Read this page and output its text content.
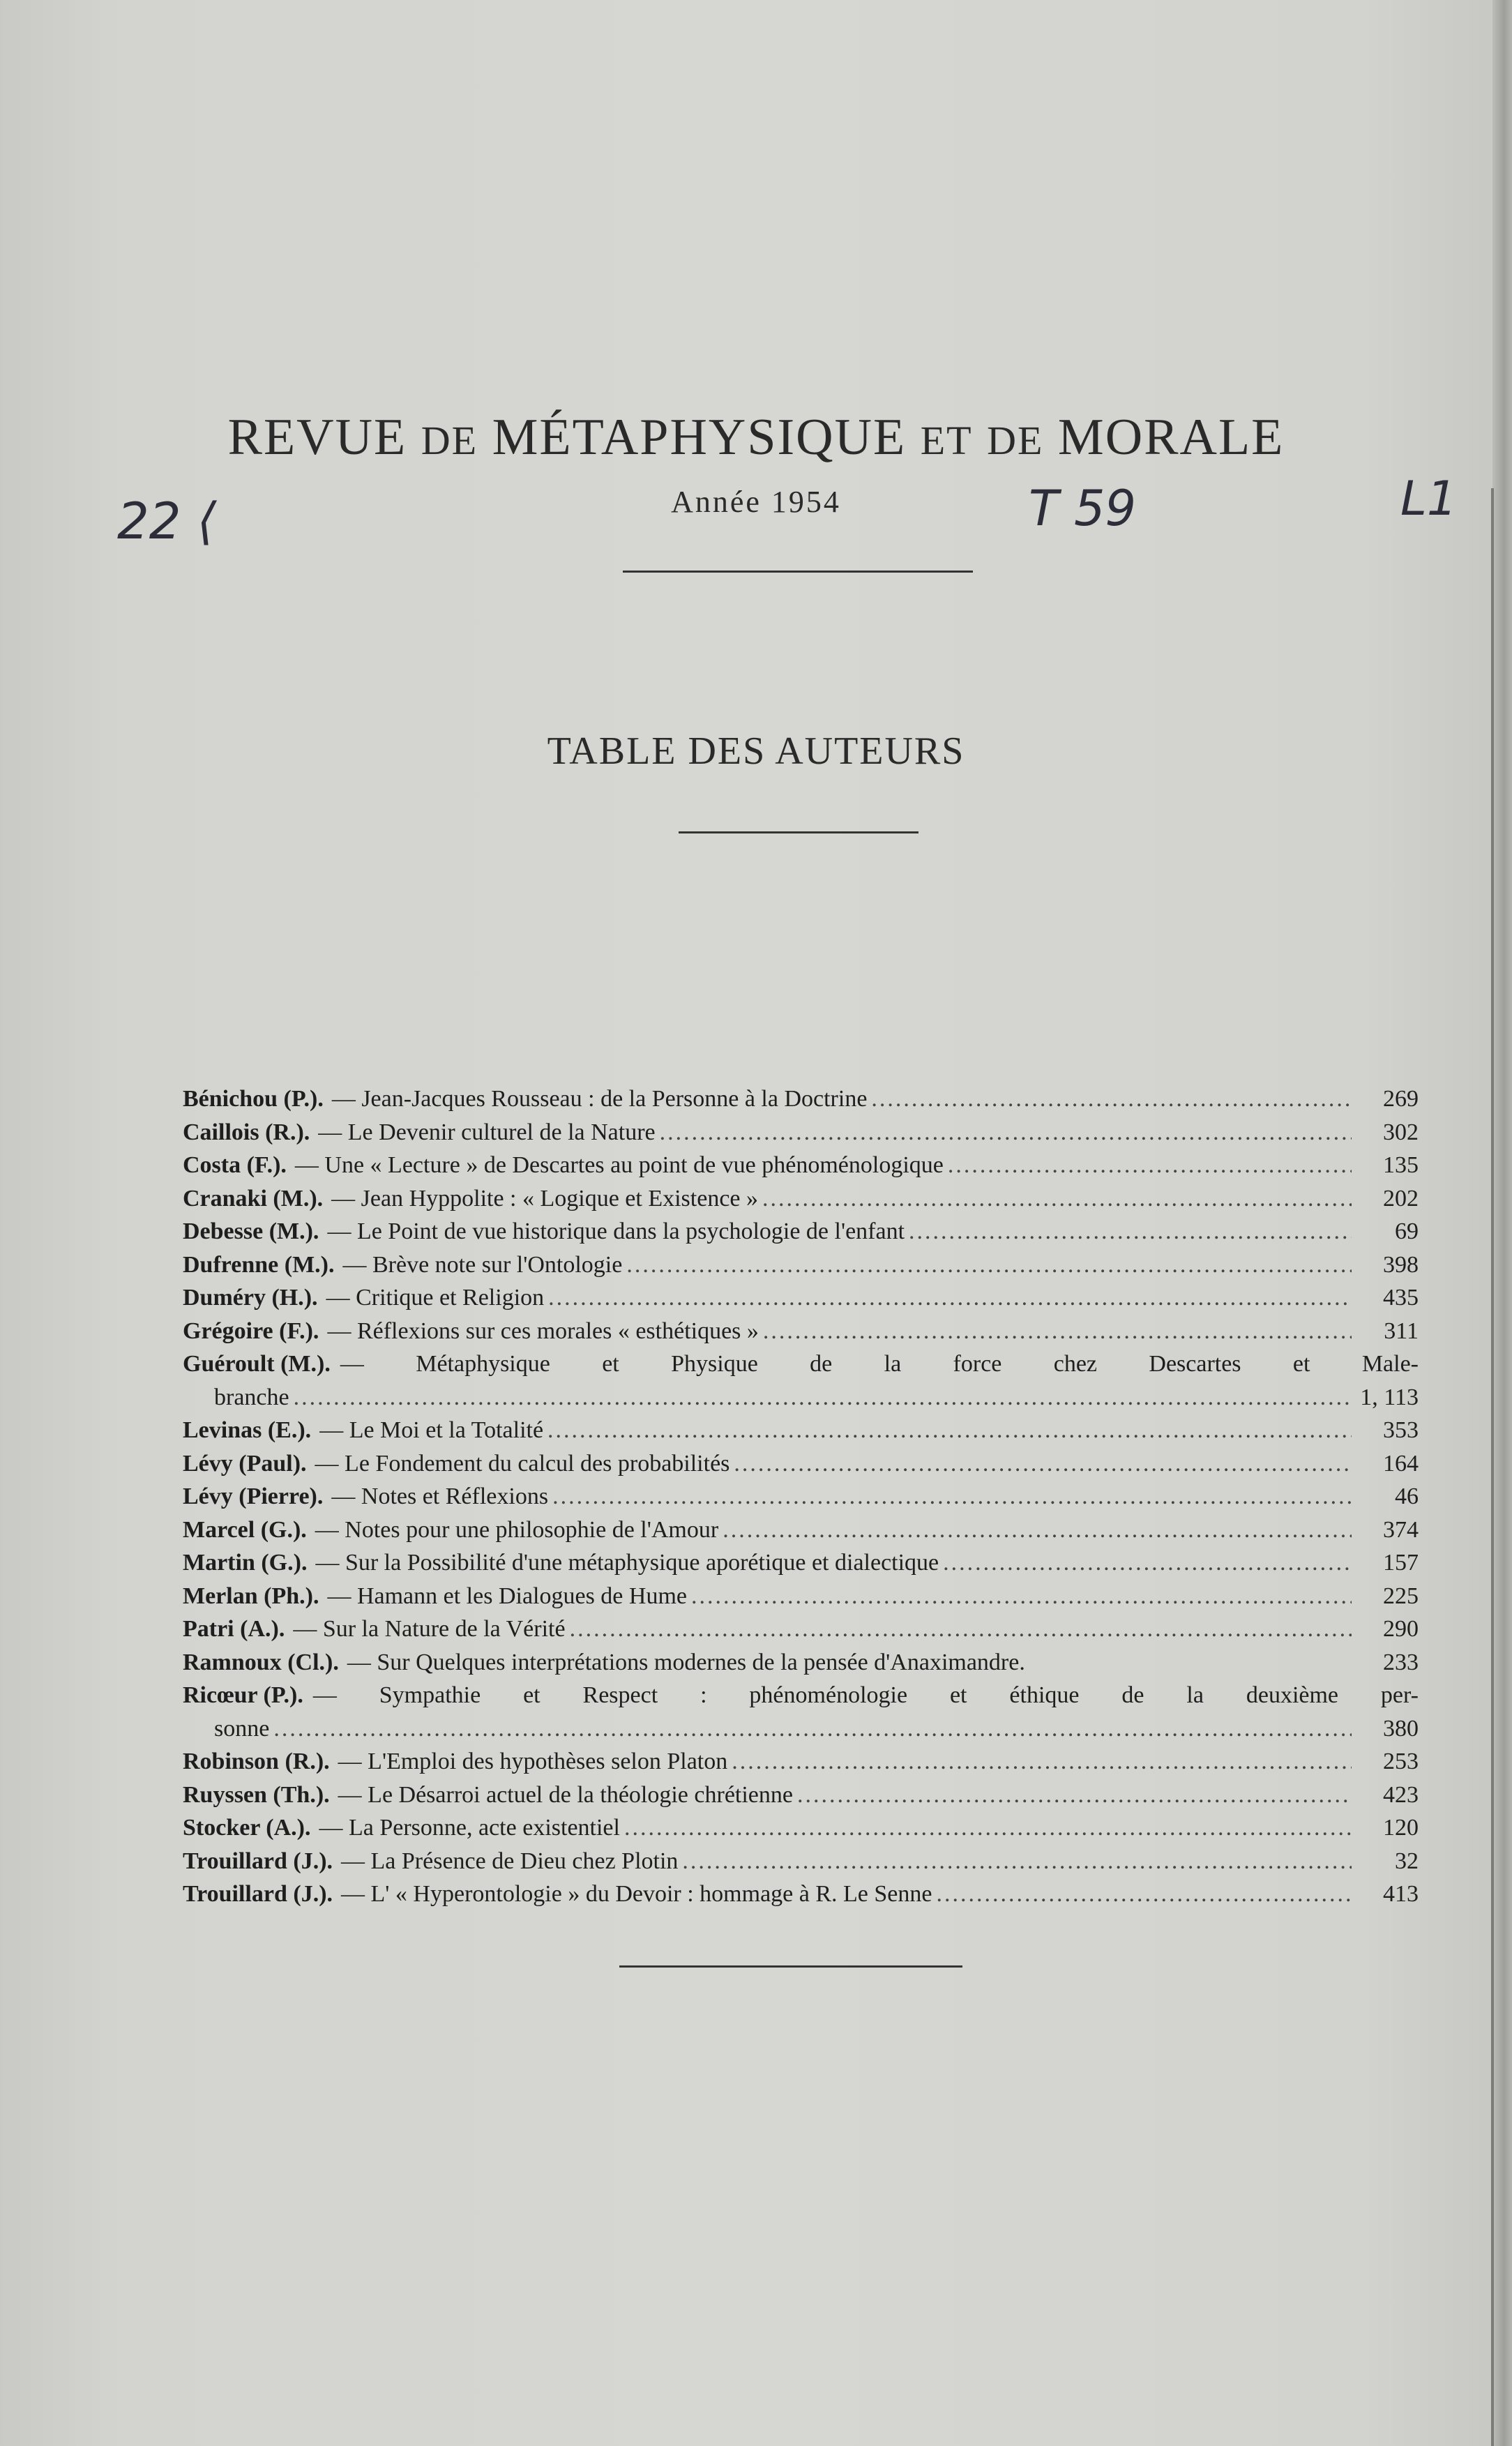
REVUE DE MÉTAPHYSIQUE ET DE MORALE
Année 1954
22 ⟨	T 59	L1
TABLE DES AUTEURS
Bénichou (P.). — Jean-Jacques Rousseau : de la Personne à la Doctrine .....	269
Caillois (R.). — Le Devenir culturel de la Nature .....	302
Costa (F.). — Une « Lecture » de Descartes au point de vue phénoménologique .....	135
Cranaki (M.). — Jean Hyppolite : « Logique et Existence » .....	202
Debesse (M.). — Le Point de vue historique dans la psychologie de l'enfant .....	69
Dufrenne (M.). — Brève note sur l'Ontologie .....	398
Duméry (H.). — Critique et Religion .....	435
Grégoire (F.). — Réflexions sur ces morales « esthétiques » .....	311
Guéroult (M.). — Métaphysique et Physique de la force chez Descartes et Male-
branche .....	1, 113
Levinas (E.). — Le Moi et la Totalité .....	353
Lévy (Paul). — Le Fondement du calcul des probabilités .....	164
Lévy (Pierre). — Notes et Réflexions .....	46
Marcel (G.). — Notes pour une philosophie de l'Amour .....	374
Martin (G.). — Sur la Possibilité d'une métaphysique aporétique et dialectique .....	157
Merlan (Ph.). — Hamann et les Dialogues de Hume .....	225
Patri (A.). — Sur la Nature de la Vérité .....	290
Ramnoux (Cl.). — Sur Quelques interprétations modernes de la pensée d'Anaximandre.	233
Ricœur (P.). — Sympathie et Respect : phénoménologie et éthique de la deuxième per-
sonne .....	380
Robinson (R.). — L'Emploi des hypothèses selon Platon .....	253
Ruyssen (Th.). — Le Désarroi actuel de la théologie chrétienne .....	423
Stocker (A.). — La Personne, acte existentiel .....	120
Trouillard (J.). — La Présence de Dieu chez Plotin .....	32
Trouillard (J.). — L' « Hyperontologie » du Devoir : hommage à R. Le Senne .....	413
